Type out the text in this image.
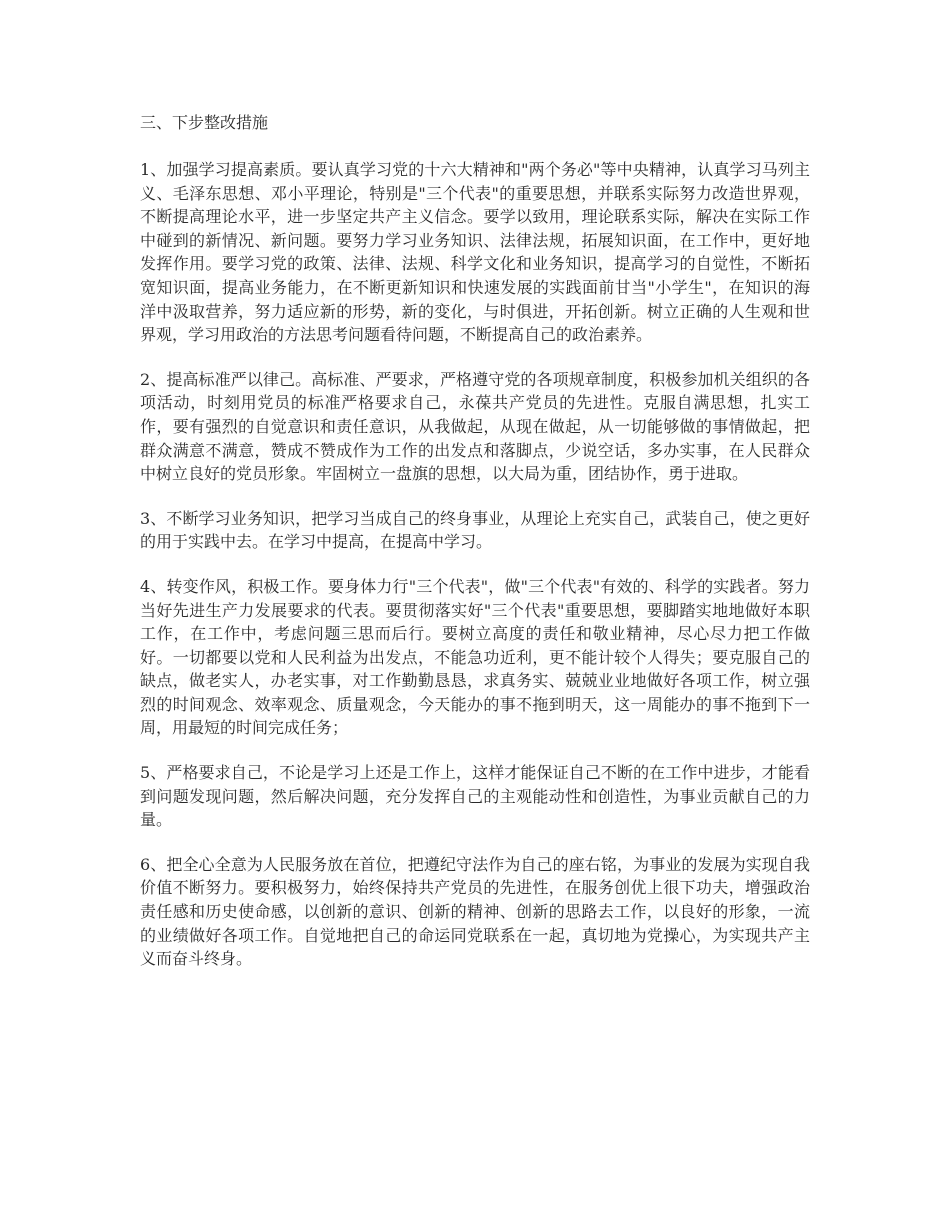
三、下步整改措施

1、加强学习提高素质。要认真学习党的十六大精神和"两个务必"等中央精神，认真学习马列主义、毛泽东思想、邓小平理论，特别是"三个代表"的重要思想，并联系实际努力改造世界观，不断提高理论水平，进一步坚定共产主义信念。要学以致用，理论联系实际，解决在实际工作中碰到的新情况、新问题。要努力学习业务知识、法律法规，拓展知识面，在工作中，更好地发挥作用。要学习党的政策、法律、法规、科学文化和业务知识，提高学习的自觉性，不断拓宽知识面，提高业务能力，在不断更新知识和快速发展的实践面前甘当"小学生"，在知识的海洋中汲取营养，努力适应新的形势，新的变化，与时俱进，开拓创新。树立正确的人生观和世界观，学习用政治的方法思考问题看待问题，不断提高自己的政治素养。

2、提高标准严以律己。高标准、严要求，严格遵守党的各项规章制度，积极参加机关组织的各项活动，时刻用党员的标准严格要求自己，永葆共产党员的先进性。克服自满思想，扎实工作，要有强烈的自觉意识和责任意识，从我做起，从现在做起，从一切能够做的事情做起，把群众满意不满意，赞成不赞成作为工作的出发点和落脚点，少说空话，多办实事，在人民群众中树立良好的党员形象。牢固树立一盘旗的思想，以大局为重，团结协作，勇于进取。

3、不断学习业务知识，把学习当成自己的终身事业，从理论上充实自己，武装自己，使之更好的用于实践中去。在学习中提高，在提高中学习。

4、转变作风，积极工作。要身体力行"三个代表"，做"三个代表"有效的、科学的实践者。努力当好先进生产力发展要求的代表。要贯彻落实好"三个代表"重要思想，要脚踏实地地做好本职工作，在工作中，考虑问题三思而后行。要树立高度的责任和敬业精神，尽心尽力把工作做好。一切都要以党和人民利益为出发点，不能急功近利，更不能计较个人得失；要克服自己的缺点，做老实人，办老实事，对工作勤勤恳恳，求真务实、兢兢业业地做好各项工作，树立强烈的时间观念、效率观念、质量观念，今天能办的事不拖到明天，这一周能办的事不拖到下一周，用最短的时间完成任务；

5、严格要求自己，不论是学习上还是工作上，这样才能保证自己不断的在工作中进步，才能看到问题发现问题，然后解决问题，充分发挥自己的主观能动性和创造性，为事业贡献自己的力量。

6、把全心全意为人民服务放在首位，把遵纪守法作为自己的座右铭，为事业的发展为实现自我价值不断努力。要积极努力，始终保持共产党员的先进性，在服务创优上很下功夫，增强政治责任感和历史使命感，以创新的意识、创新的精神、创新的思路去工作，以良好的形象，一流的业绩做好各项工作。自觉地把自己的命运同党联系在一起，真切地为党操心，为实现共产主义而奋斗终身。
